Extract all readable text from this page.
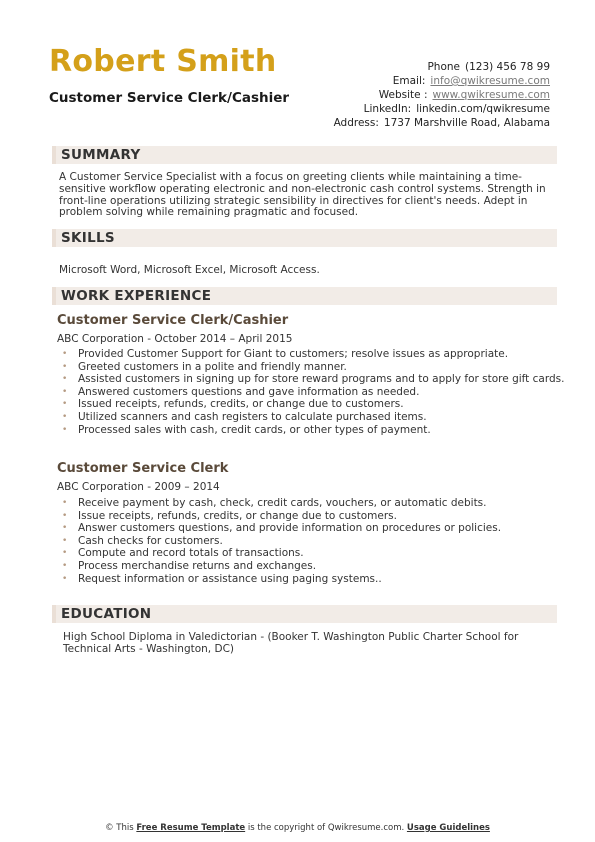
Robert Smith
Customer Service Clerk/Cashier
Phone (123) 456 78 99
Email: info@qwikresume.com
Website : www.qwikresume.com
LinkedIn: linkedin.com/qwikresume
Address: 1737 Marshville Road, Alabama
SUMMARY
A Customer Service Specialist with a focus on greeting clients while maintaining a time-sensitive workflow operating electronic and non-electronic cash control systems. Strength in front-line operations utilizing strategic sensibility in directives for client's needs. Adept in problem solving while remaining pragmatic and focused.
SKILLS
Microsoft Word, Microsoft Excel, Microsoft Access.
WORK EXPERIENCE
Customer Service Clerk/Cashier
ABC Corporation - October 2014 – April 2015
• Provided Customer Support for Giant to customers; resolve issues as appropriate.
• Greeted customers in a polite and friendly manner.
• Assisted customers in signing up for store reward programs and to apply for store gift cards.
• Answered customers questions and gave information as needed.
• Issued receipts, refunds, credits, or change due to customers.
• Utilized scanners and cash registers to calculate purchased items.
• Processed sales with cash, credit cards, or other types of payment.
Customer Service Clerk
ABC Corporation - 2009 – 2014
• Receive payment by cash, check, credit cards, vouchers, or automatic debits.
• Issue receipts, refunds, credits, or change due to customers.
• Answer customers questions, and provide information on procedures or policies.
• Cash checks for customers.
• Compute and record totals of transactions.
• Process merchandise returns and exchanges.
• Request information or assistance using paging systems..
EDUCATION
High School Diploma in Valedictorian - (Booker T. Washington Public Charter School for Technical Arts - Washington, DC)
© This Free Resume Template is the copyright of Qwikresume.com. Usage Guidelines
